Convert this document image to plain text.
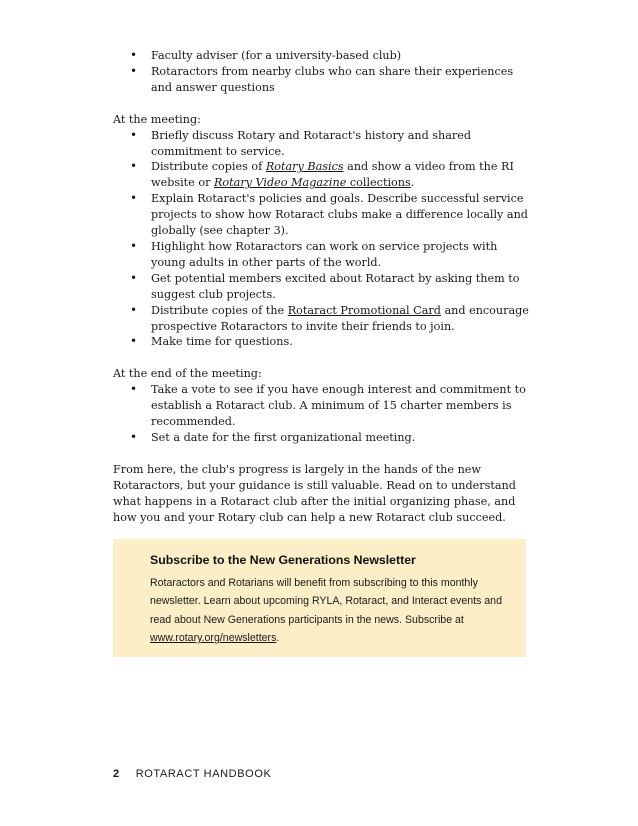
• Faculty adviser (for a university-based club)
• Rotaractors from nearby clubs who can share their experiences and answer questions

At the meeting:

• Briefly discuss Rotary and Rotaract's history and shared commitment to service.
• Distribute copies of Rotary Basics and show a video from the RI website or Rotary Video Magazine collections.
• Explain Rotaract's policies and goals. Describe successful service projects to show how Rotaract clubs make a difference locally and globally (see chapter 3).
• Highlight how Rotaractors can work on service projects with young adults in other parts of the world.
• Get potential members excited about Rotaract by asking them to suggest club projects.
• Distribute copies of the Rotaract Promotional Card and encourage prospective Rotaractors to invite their friends to join.
• Make time for questions.

At the end of the meeting:

• Take a vote to see if you have enough interest and commitment to establish a Rotaract club. A minimum of 15 charter members is recommended.
• Set a date for the first organizational meeting.

From here, the club's progress is largely in the hands of the new Rotaractors, but your guidance is still valuable. Read on to understand what happens in a Rotaract club after the initial organizing phase, and how you and your Rotary club can help a new Rotaract club succeed.

Subscribe to the New Generations Newsletter
Rotaractors and Rotarians will benefit from subscribing to this monthly newsletter. Learn about upcoming RYLA, Rotaract, and Interact events and read about New Generations participants in the news. Subscribe at www.rotary.org/newsletters.
2 ROTARACT HANDBOOK
